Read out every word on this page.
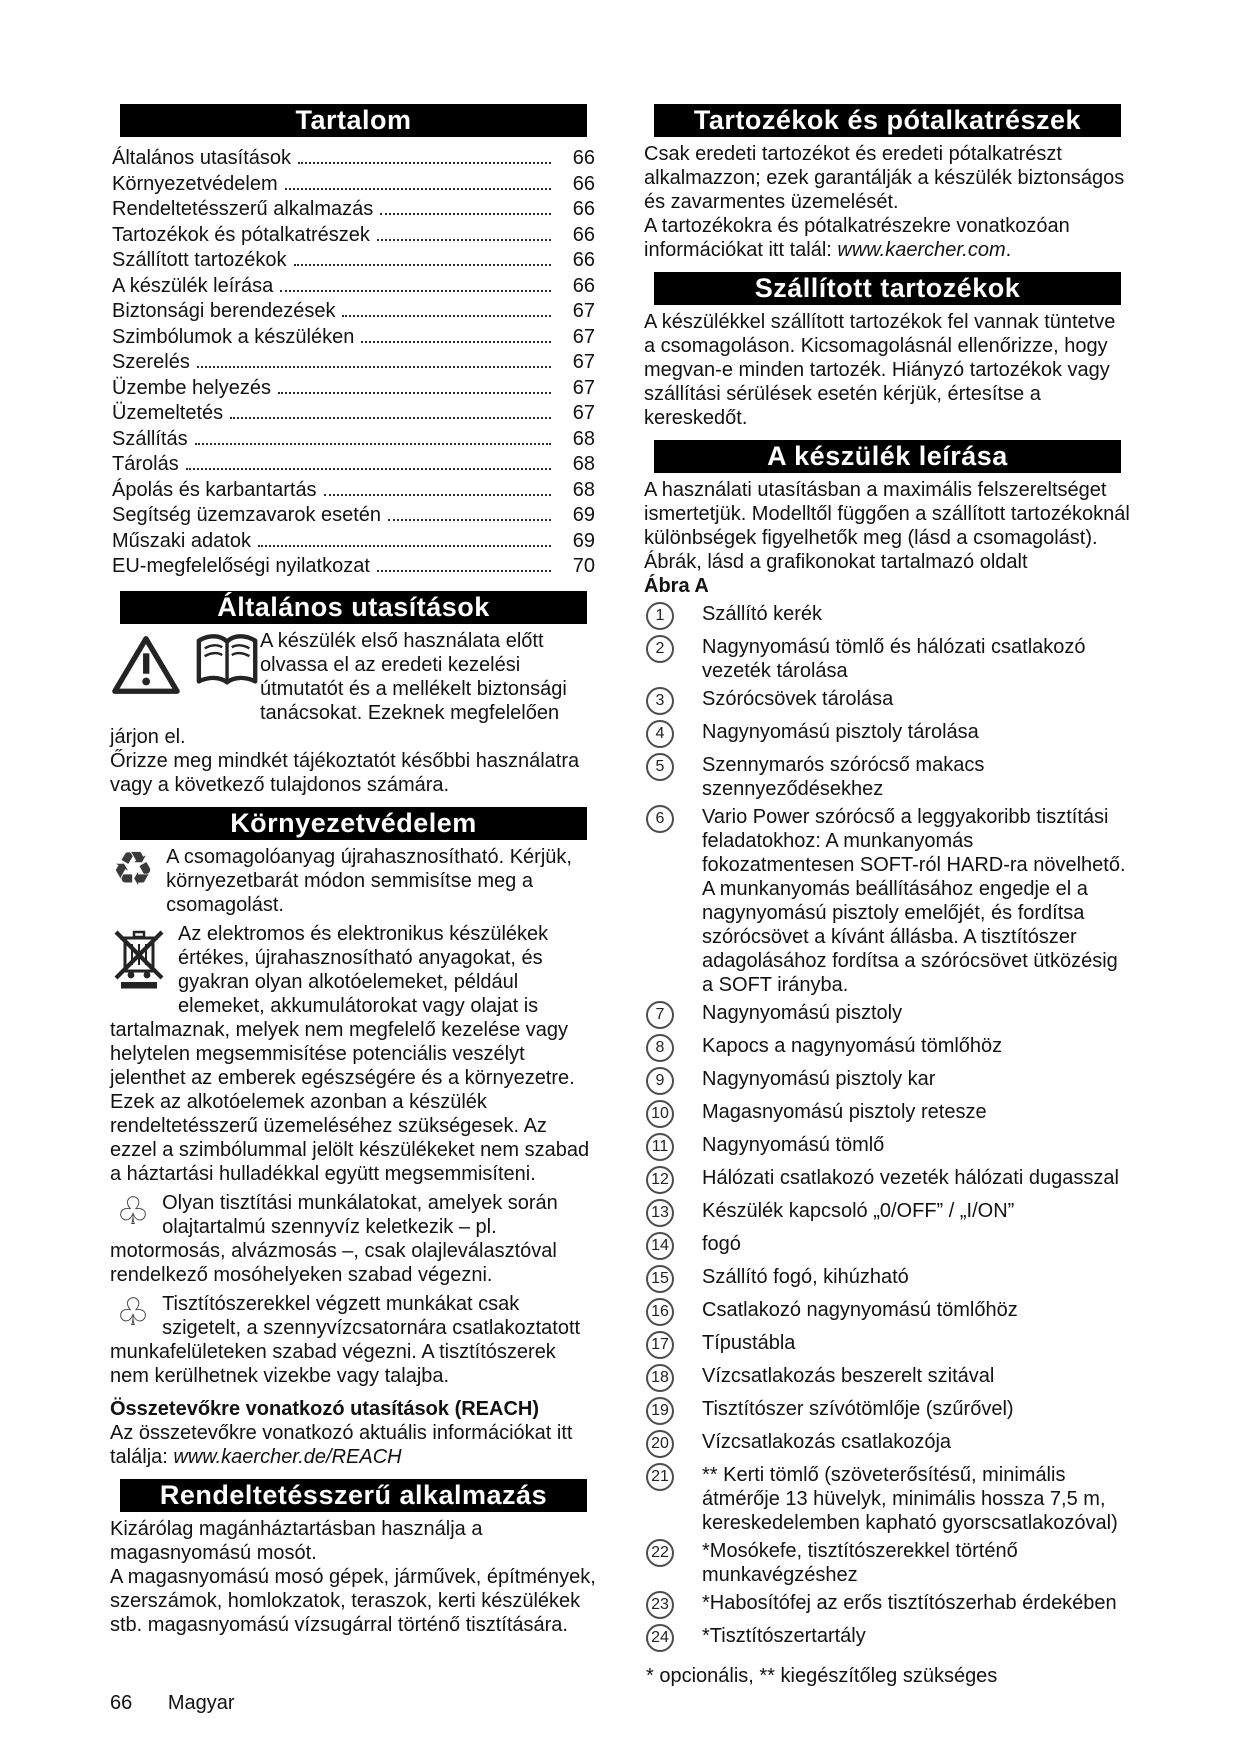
Tartalom
Általános utasítások	66
Környezetvédelem	66
Rendeltetésszerű alkalmazás	66
Tartozékok és pótalkatrészek	66
Szállított tartozékok	66
A készülék leírása	66
Biztonsági berendezések	67
Szimbólumok a készüléken	67
Szerelés	67
Üzembe helyezés	67
Üzemeltetés	67
Szállítás	68
Tárolás	68
Ápolás és karbantartás	68
Segítség üzemzavarok esetén	69
Műszaki adatok	69
EU-megfelelőségi nyilatkozat	70
Általános utasítások
A készülék első használata előtt olvassa el az eredeti kezelési útmutatót és a mellékelt biztonsági tanácsokat. Ezeknek megfelelően járjon el.
Őrizze meg mindkét tájékoztatót későbbi használatra vagy a következő tulajdonos számára.
Környezetvédelem
♻ A csomagolóanyag újrahasznosítható. Kérjük, környezetbarát módon semmisítse meg a csomagolást.
Az elektromos és elektronikus készülékek értékes, újrahasznosítható anyagokat, és gyakran olyan alkotóelemeket, például elemeket, akkumulátorokat vagy olajat is tartalmaznak, melyek nem megfelelő kezelése vagy helytelen megsemmisítése potenciális veszélyt jelenthet az emberek egészségére és a környezetre. Ezek az alkotóelemek azonban a készülék rendeltetésszerű üzemeléséhez szükségesek. Az ezzel a szimbólummal jelölt készülékeket nem szabad a háztartási hulladékkal együtt megsemmisíteni.
♧ Olyan tisztítási munkálatokat, amelyek során olajtartalmú szennyvíz keletkezik – pl. motormosás, alvázmosás –, csak olajleválasztóval rendelkező mosóhelyeken szabad végezni.
♧ Tisztítószerekkel végzett munkákat csak szigetelt, a szennyvízcsatornára csatlakoztatott munkafelületeken szabad végezni. A tisztítószerek nem kerülhetnek vizekbe vagy talajba.
Összetevőkre vonatkozó utasítások (REACH)
Az összetevőkre vonatkozó aktuális információkat itt találja: www.kaercher.de/REACH
Rendeltetésszerű alkalmazás
Kizárólag magánháztartásban használja a magasnyomású mosót.
A magasnyomású mosó gépek, járművek, építmények, szerszámok, homlokzatok, teraszok, kerti készülékek stb. magasnyomású vízsugárral történő tisztítására.
Tartozékok és pótalkatrészek
Csak eredeti tartozékot és eredeti pótalkatrészt alkalmazzon; ezek garantálják a készülék biztonságos és zavarmentes üzemelését.
A tartozékokra és pótalkatrészekre vonatkozóan információkat itt talál: www.kaercher.com.
Szállított tartozékok
A készülékkel szállított tartozékok fel vannak tüntetve a csomagoláson. Kicsomagolásnál ellenőrizze, hogy megvan-e minden tartozék. Hiányzó tartozékok vagy szállítási sérülések esetén kérjük, értesítse a kereskedőt.
A készülék leírása
A használati utasításban a maximális felszereltséget ismertetjük. Modelltől függően a szállított tartozékoknál különbségek figyelhetők meg (lásd a csomagolást).
Ábrák, lásd a grafikonokat tartalmazó oldalt
Ábra A
1	Szállító kerék
2	Nagynyomású tömlő és hálózati csatlakozó vezeték tárolása
3	Szórócsövek tárolása
4	Nagynyomású pisztoly tárolása
5	Szennymarós szórócső makacs szennyeződésekhez
6	Vario Power szórócső a leggyakoribb tisztítási feladatokhoz: A munkanyomás fokozatmentesen SOFT-ról HARD-ra növelhető. A munkanyomás beállításához engedje el a nagynyomású pisztoly emelőjét, és fordítsa szórócsövet a kívánt állásba. A tisztítószer adagolásához fordítsa a szórócsövet ütközésig a SOFT irányba.
7	Nagynyomású pisztoly
8	Kapocs a nagynyomású tömlőhöz
9	Nagynyomású pisztoly kar
10 Magasnyomású pisztoly retesze
11 Nagynyomású tömlő
12 Hálózati csatlakozó vezeték hálózati dugasszal
13 Készülék kapcsoló „0/OFF” / „I/ON”
14 fogó
15 Szállító fogó, kihúzható
16 Csatlakozó nagynyomású tömlőhöz
17 Típustábla
18 Vízcsatlakozás beszerelt szitával
19 Tisztítószer szívótömlője (szűrővel)
20 Vízcsatlakozás csatlakozója
21 ** Kerti tömlő (szöveterősítésű, minimális átmérője 13 hüvelyk, minimális hossza 7,5 m, kereskedelemben kapható gyorscsatlakozóval)
22 *Mosókefe, tisztítószerekkel történő munkavégzéshez
23 *Habosítófej az erős tisztítószerhab érdekében
24 *Tisztítószertartály
* opcionális, ** kiegészítőleg szükséges
66 Magyar
